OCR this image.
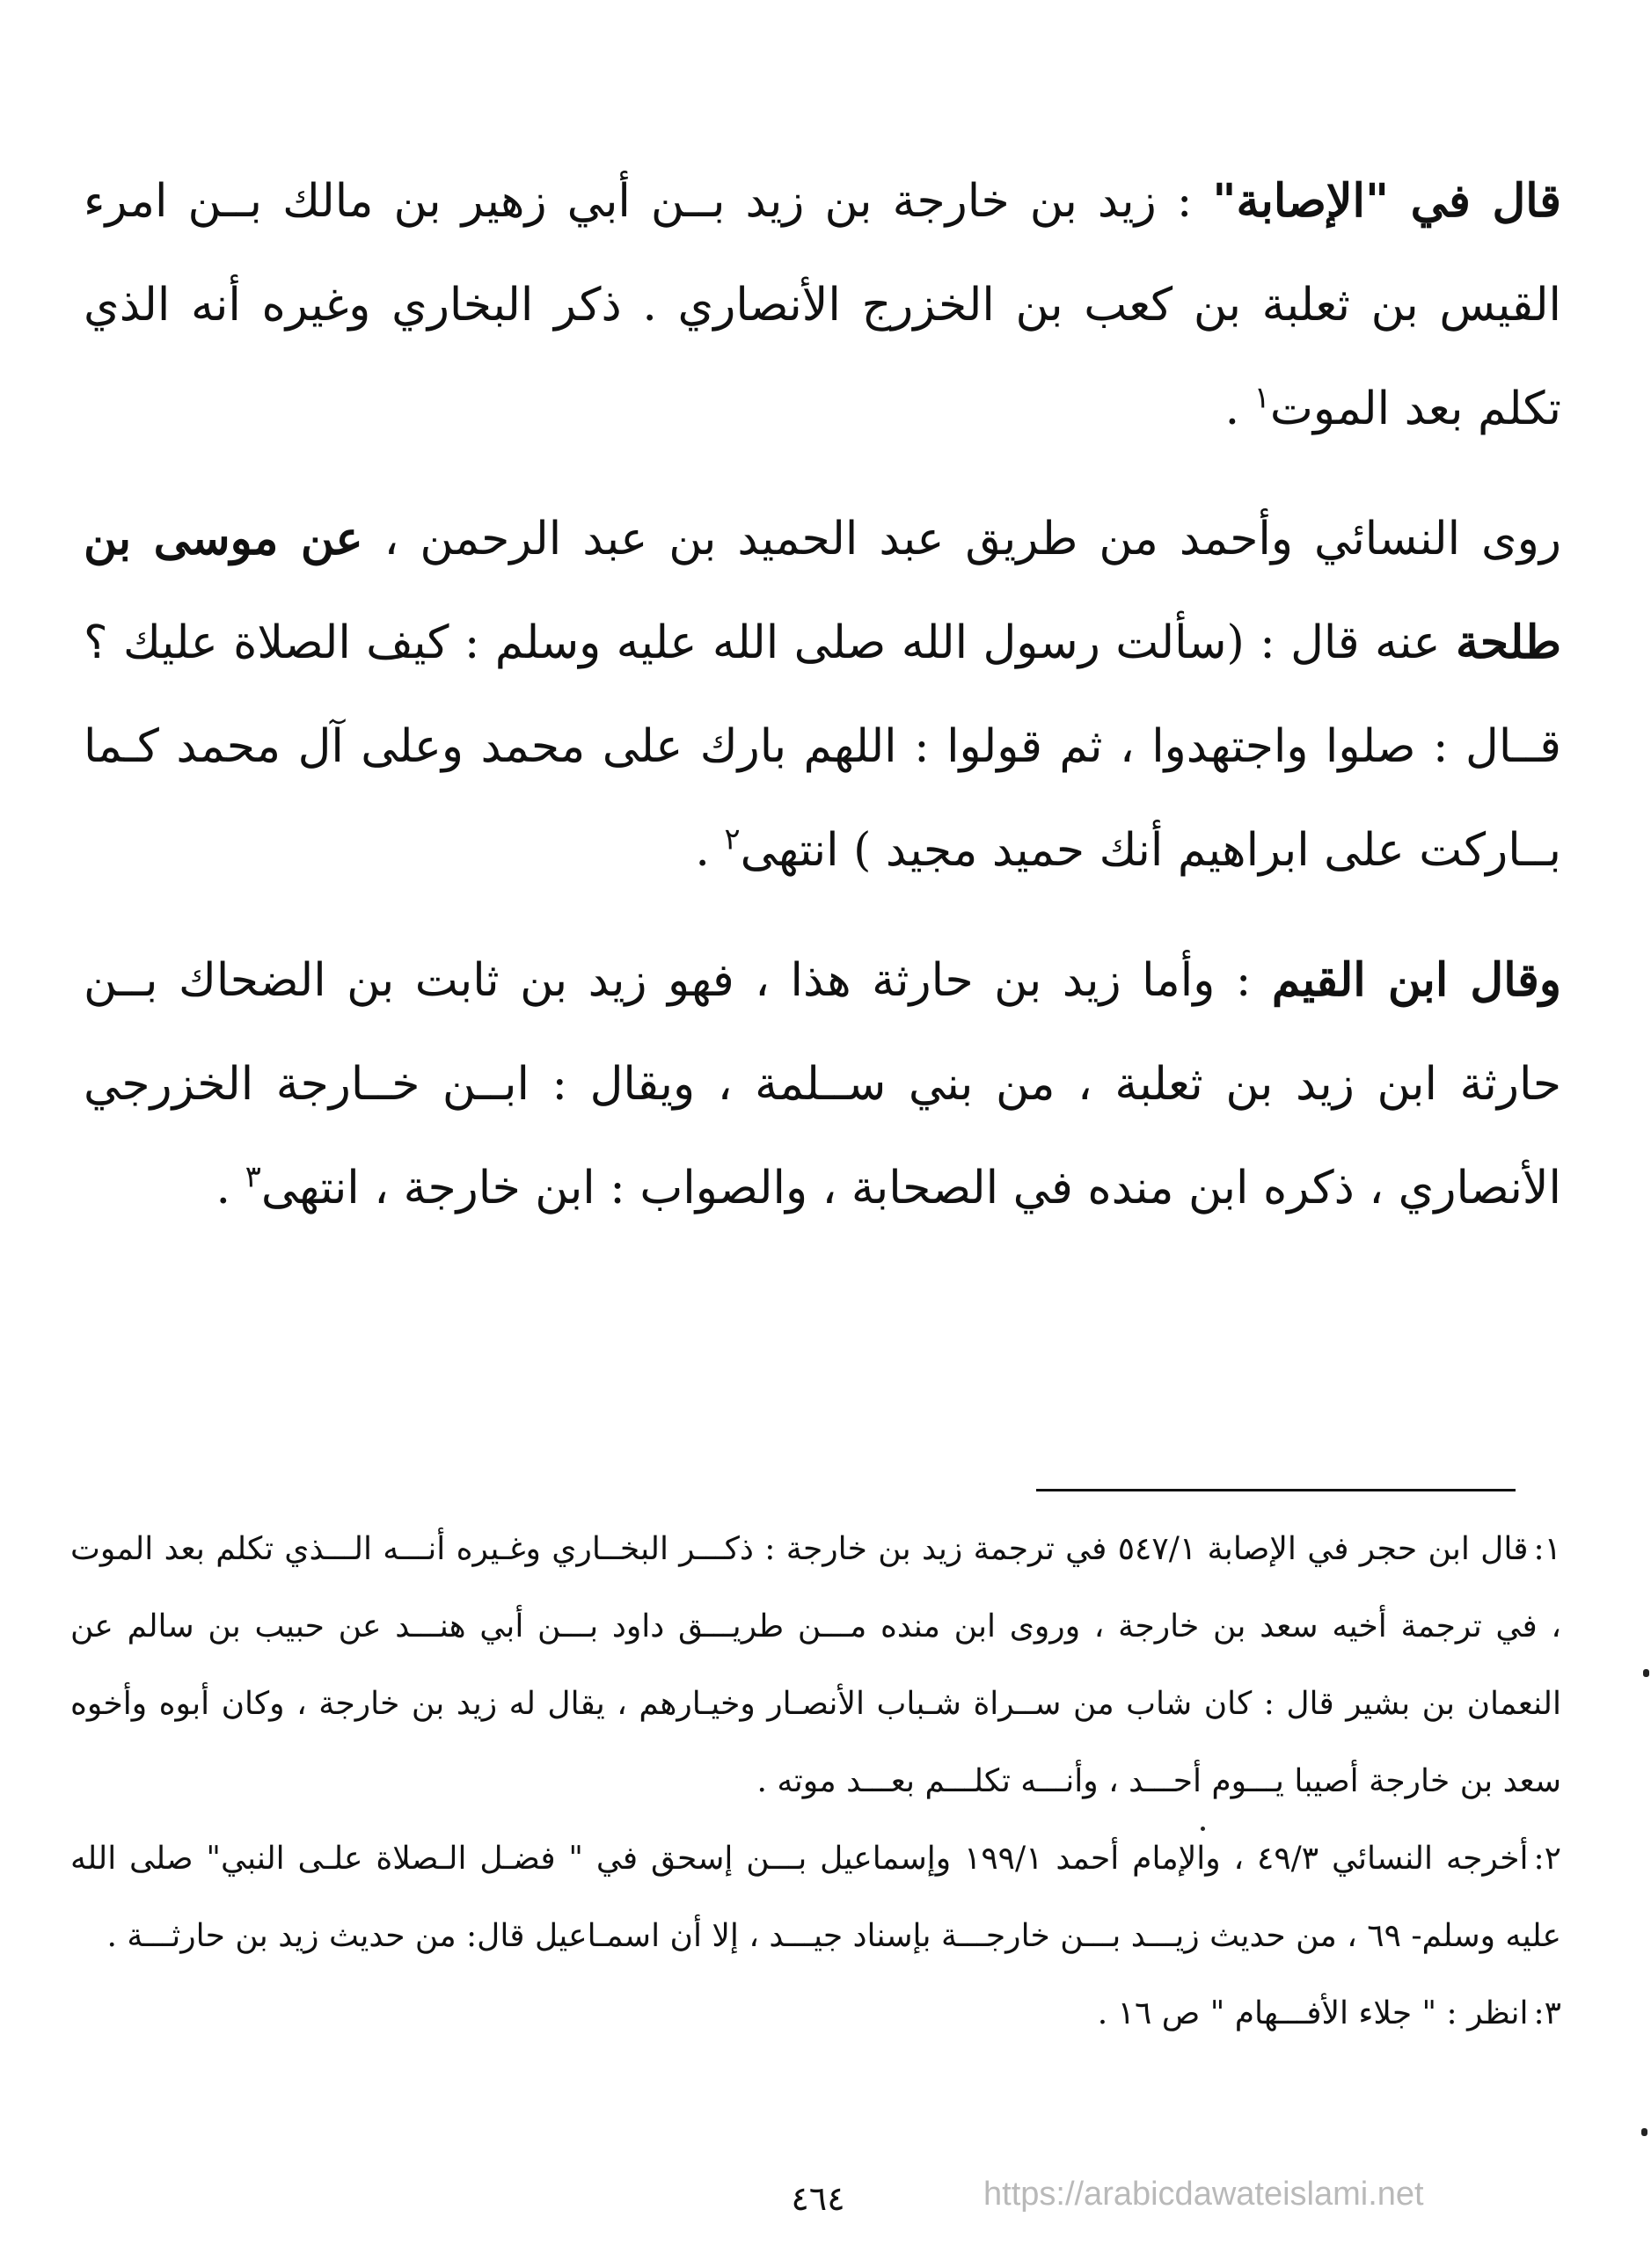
قال في "الإصابة" : زيد بن خارجة بن زيد بــن أبي زهير بن مالك بــن امرء القيس بن ثعلبة بن كعب بن الخزرج الأنصاري . ذكر البخاري وغيره أنه الذي تكلم بعد الموت$^١$ .

روى النسائي وأحمد من طريق عبد الحميد بن عبد الرحمن ، عن موسى بن طلحة عنه قال : (سألت رسول الله صلى الله عليه وسلم : كيف الصلاة عليك ؟ قــال : صلوا واجتهدوا ، ثم قولوا : اللهم بارك على محمد وعلى آل محمد كـما بــاركت على ابراهيم أنك حميد مجيد ) انتهى$^٢$ .

وقال ابن القيم : وأما زيد بن حارثة هذا ، فهو زيد بن ثابت بن الضحاك بــن حارثة ابن زيد بن ثعلبة ، من بني ســلمة ، ويقال : ابــن خــارجة الخزرجي الأنصاري ، ذكره ابن منده في الصحابة ، والصواب : ابن خارجة ، انتهى$^٣$ .

١:قال ابن حجر في الإصابة ٥٤٧/١ في ترجمة زيد بن خارجة : ذكـــر البخــاري وغـيره أنـــه الـــذي تكلم بعد الموت ، في ترجمة أخيه سعد بن خارجة ، وروى ابن منده مـــن طريـــق داود بـــن أبي هنـــد عن حبيب بن سالم عن النعمان بن بشير قال : كان شاب من ســراة شـباب الأنصـار وخيـارهم ، يقال له زيد بن خارجة ، وكان أبوه وأخوه سعد بن خارجة أصيبا يـــوم أحـــد ، وأنـــه تكلـــم بعـــد موته .

٢:أخرجه النسائي ٤٩/٣ ، والإمام أحمد ١٩٩/١ وإسماعيل بـــن إسحق في " فضـل الـصلاة علـى النبي" صلى الله عليه وسلم- ٦٩ ، من حديث زيـــد بـــن خارجـــة بإسناد جيـــد ، إلا أن اسمـاعيل قال: من حديث زيد بن حارثـــة .

٣:انظر : " جلاء الأفـــهام " ص ١٦ .

٤٦٤	https://arabicdawateislami.net
